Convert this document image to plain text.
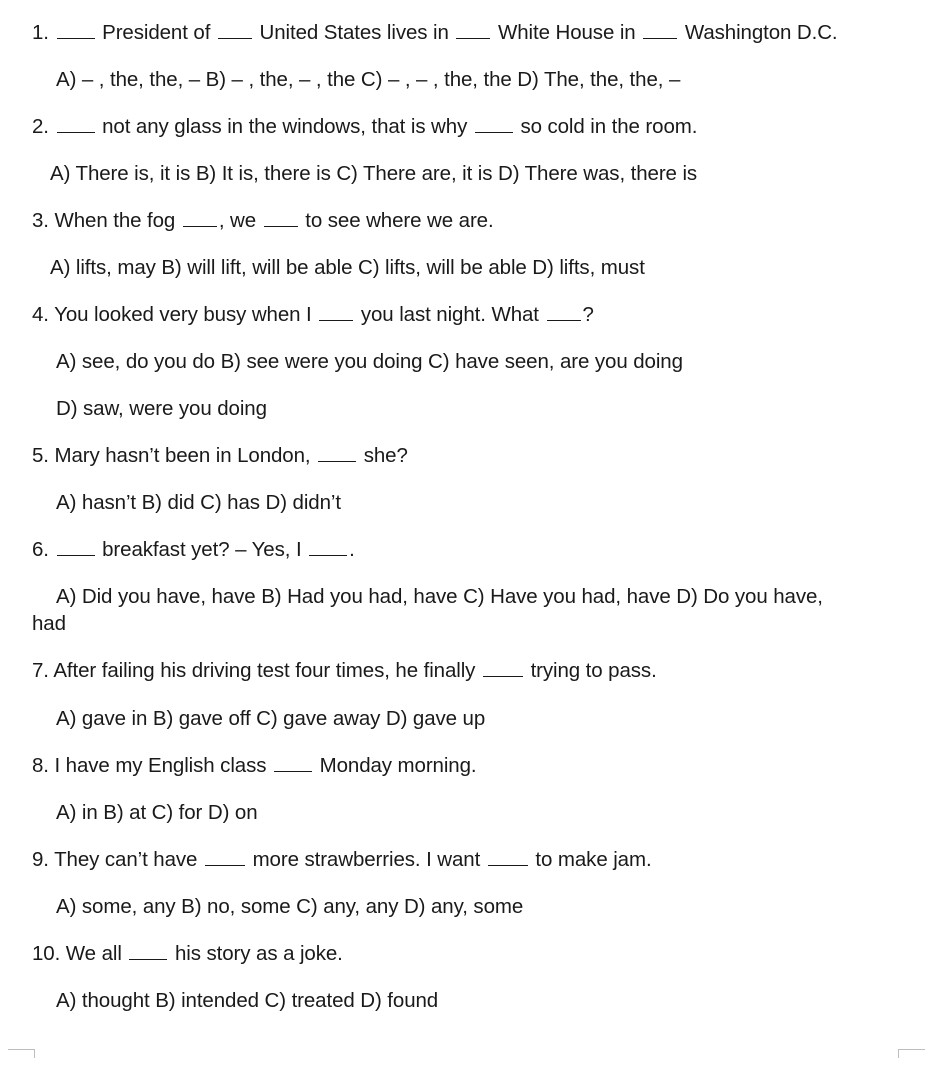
1.	President of United States lives in White House in Washington D.C.
A) – , the, the, – B) – , the, – , the C) – , – , the, the D) The, the, the, –
2.	not any glass in the windows, that is why	so cold in the room.
A) There is, it is B) It is, there is C) There are, it is D) There was, there is
3. When the fog , we to see where we are.
A) lifts, may B) will lift, will be able C) lifts, will be able D) lifts, must
4. You looked very busy when I you last night. What ?
A) see, do you do B) see were you doing C) have seen, are you doing
D) saw, were you doing
5. Mary hasn’t been in London,	she?
A) hasn’t B) did C) has D) didn’t
6.	breakfast yet? – Yes, I .
A) Did you have, have B) Had you had, have C) Have you had, have D) Do you have,
had
7. After failing his driving test four times, he finally	trying to pass.
A) gave in B) gave off C) gave away D) gave up
8. I have my English class	Monday morning.
A) in B) at C) for D) on
9. They can’t have	more strawberries. I want	to make jam.
A) some, any B) no, some C) any, any D) any, some
10. We all	his story as a joke.
A) thought B) intended C) treated D) found
